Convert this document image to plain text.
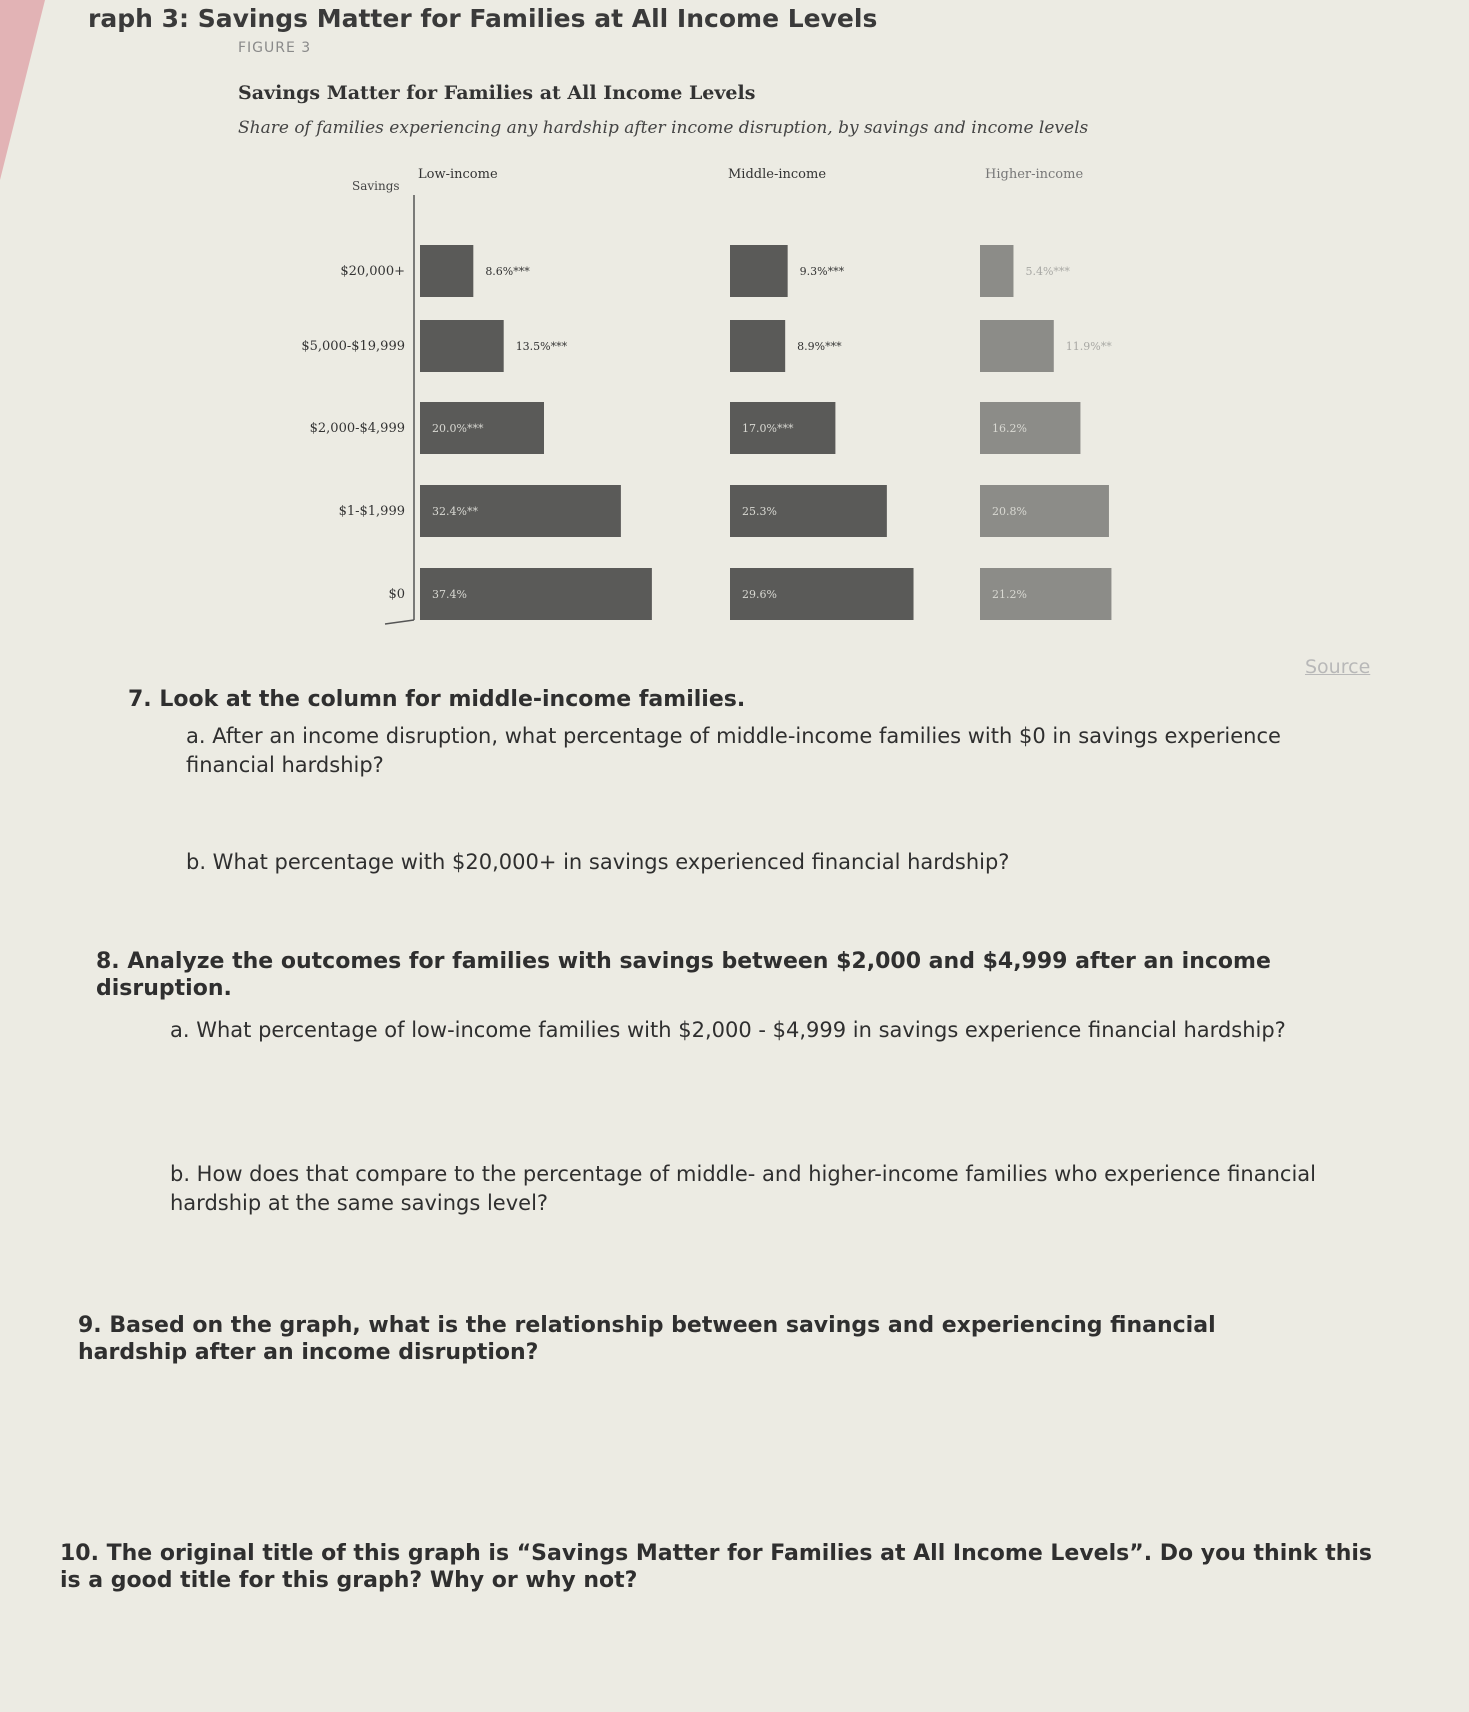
raph 3: Savings Matter for Families at All Income Levels
FIGURE 3
Savings Matter for Families at All Income Levels
Share of families experiencing any hardship after income disruption, by savings and income levels
Savings
$20,000+
$5,000-$19,999
$2,000-$4,999
$1-$1,999
$0
Low-income
8.6%***
13.5%***
20.0%***
32.4%**
37.4%
Middle-income
9.3%***
8.9%***
17.0%***
25.3%
29.6%
Higher-income
5.4%***
11.9%**
16.2%
20.8%
21.2%
Source
7. Look at the column for middle-income families.
a. After an income disruption, what percentage of middle-income families with $0 in savings experience financial hardship?
b. What percentage with $20,000+ in savings experienced financial hardship?
8. Analyze the outcomes for families with savings between $2,000 and $4,999 after an income disruption.
a. What percentage of low-income families with $2,000 - $4,999 in savings experience financial hardship?
b. How does that compare to the percentage of middle- and higher-income families who experience financial hardship at the same savings level?
9. Based on the graph, what is the relationship between savings and experiencing financial hardship after an income disruption?
10. The original title of this graph is “Savings Matter for Families at All Income Levels”. Do you think this is a good title for this graph? Why or why not?
